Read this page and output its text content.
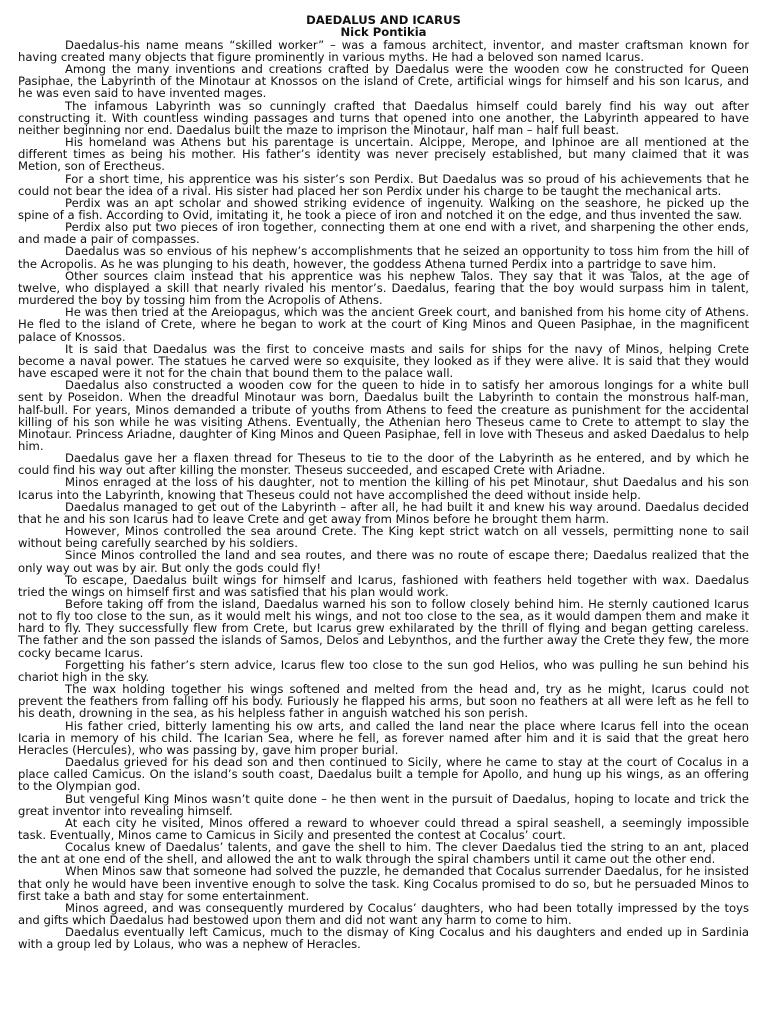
DAEDALUS AND ICARUS
Nick Pontikia

Daedalus-his name means “skilled worker” – was a famous architect, inventor, and master craftsman known for having created many objects that figure prominently in various myths. He had a beloved son named Icarus.

Among the many inventions and creations crafted by Daedalus were the wooden cow he constructed for Queen Pasiphae, the Labyrinth of the Minotaur at Knossos on the island of Crete, artificial wings for himself and his son Icarus, and he was even said to have invented mages.

The infamous Labyrinth was so cunningly crafted that Daedalus himself could barely find his way out after constructing it. With countless winding passages and turns that opened into one another, the Labyrinth appeared to have neither beginning nor end. Daedalus built the maze to imprison the Minotaur, half man – half full beast.

His homeland was Athens but his parentage is uncertain. Alcippe, Merope, and Iphinoe are all mentioned at the different times as being his mother. His father’s identity was never precisely established, but many claimed that it was Metion, son of Erectheus.

For a short time, his apprentice was his sister’s son Perdix. But Daedalus was so proud of his achievements that he could not bear the idea of a rival. His sister had placed her son Perdix under his charge to be taught the mechanical arts.

Perdix was an apt scholar and showed striking evidence of ingenuity. Walking on the seashore, he picked up the spine of a fish. According to Ovid, imitating it, he took a piece of iron and notched it on the edge, and thus invented the saw.

Perdix also put two pieces of iron together, connecting them at one end with a rivet, and sharpening the other ends, and made a pair of compasses.

Daedalus was so envious of his nephew’s accomplishments that he seized an opportunity to toss him from the hill of the Acropolis. As he was plunging to his death, however, the goddess Athena turned Perdix into a partridge to save him.

Other sources claim instead that his apprentice was his nephew Talos. They say that it was Talos, at the age of twelve, who displayed a skill that nearly rivaled his mentor’s. Daedalus, fearing that the boy would surpass him in talent, murdered the boy by tossing him from the Acropolis of Athens.

He was then tried at the Areiopagus, which was the ancient Greek court, and banished from his home city of Athens. He fled to the island of Crete, where he began to work at the court of King Minos and Queen Pasiphae, in the magnificent palace of Knossos.

It is said that Daedalus was the first to conceive masts and sails for ships for the navy of Minos, helping Crete become a naval power. The statues he carved were so exquisite, they looked as if they were alive. It is said that they would have escaped were it not for the chain that bound them to the palace wall.

Daedalus also constructed a wooden cow for the queen to hide in to satisfy her amorous longings for a white bull sent by Poseidon. When the dreadful Minotaur was born, Daedalus built the Labyrinth to contain the monstrous half-man, half-bull. For years, Minos demanded a tribute of youths from Athens to feed the creature as punishment for the accidental killing of his son while he was visiting Athens. Eventually, the Athenian hero Theseus came to Crete to attempt to slay the Minotaur. Princess Ariadne, daughter of King Minos and Queen Pasiphae, fell in love with Theseus and asked Daedalus to help him.

Daedalus gave her a flaxen thread for Theseus to tie to the door of the Labyrinth as he entered, and by which he could find his way out after killing the monster. Theseus succeeded, and escaped Crete with Ariadne.

Minos enraged at the loss of his daughter, not to mention the killing of his pet Minotaur, shut Daedalus and his son Icarus into the Labyrinth, knowing that Theseus could not have accomplished the deed without inside help.

Daedalus managed to get out of the Labyrinth – after all, he had built it and knew his way around. Daedalus decided that he and his son Icarus had to leave Crete and get away from Minos before he brought them harm.

However, Minos controlled the sea around Crete. The King kept strict watch on all vessels, permitting none to sail without being carefully searched by his soldiers.

Since Minos controlled the land and sea routes, and there was no route of escape there; Daedalus realized that the only way out was by air. But only the gods could fly!

To escape, Daedalus built wings for himself and Icarus, fashioned with feathers held together with wax. Daedalus tried the wings on himself first and was satisfied that his plan would work.

Before taking off from the island, Daedalus warned his son to follow closely behind him. He sternly cautioned Icarus not to fly too close to the sun, as it would melt his wings, and not too close to the sea, as it would dampen them and make it hard to fly. They successfully flew from Crete, but Icarus grew exhilarated by the thrill of flying and began getting careless. The father and the son passed the islands of Samos, Delos and Lebynthos, and the further away the Crete they few, the more cocky became Icarus.

Forgetting his father’s stern advice, Icarus flew too close to the sun god Helios, who was pulling he sun behind his chariot high in the sky.

The wax holding together his wings softened and melted from the head and, try as he might, Icarus could not prevent the feathers from falling off his body. Furiously he flapped his arms, but soon no feathers at all were left as he fell to his death, drowning in the sea, as his helpless father in anguish watched his son perish.

His father cried, bitterly lamenting his ow arts, and called the land near the place where Icarus fell into the ocean Icaria in memory of his child. The Icarian Sea, where he fell, as forever named after him and it is said that the great hero Heracles (Hercules), who was passing by, gave him proper burial.

Daedalus grieved for his dead son and then continued to Sicily, where he came to stay at the court of Cocalus in a place called Camicus. On the island’s south coast, Daedalus built a temple for Apollo, and hung up his wings, as an offering to the Olympian god.

But vengeful King Minos wasn’t quite done – he then went in the pursuit of Daedalus, hoping to locate and trick the great inventor into revealing himself.

At each city he visited, Minos offered a reward to whoever could thread a spiral seashell, a seemingly impossible task. Eventually, Minos came to Camicus in Sicily and presented the contest at Cocalus’ court.

Cocalus knew of Daedalus’ talents, and gave the shell to him. The clever Daedalus tied the string to an ant, placed the ant at one end of the shell, and allowed the ant to walk through the spiral chambers until it came out the other end.

When Minos saw that someone had solved the puzzle, he demanded that Cocalus surrender Daedalus, for he insisted that only he would have been inventive enough to solve the task. King Cocalus promised to do so, but he persuaded Minos to first take a bath and stay for some entertainment.

Minos agreed, and was consequently murdered by Cocalus’ daughters, who had been totally impressed by the toys and gifts which Daedalus had bestowed upon them and did not want any harm to come to him.

Daedalus eventually left Camicus, much to the dismay of King Cocalus and his daughters and ended up in Sardinia with a group led by Lolaus, who was a nephew of Heracles.
